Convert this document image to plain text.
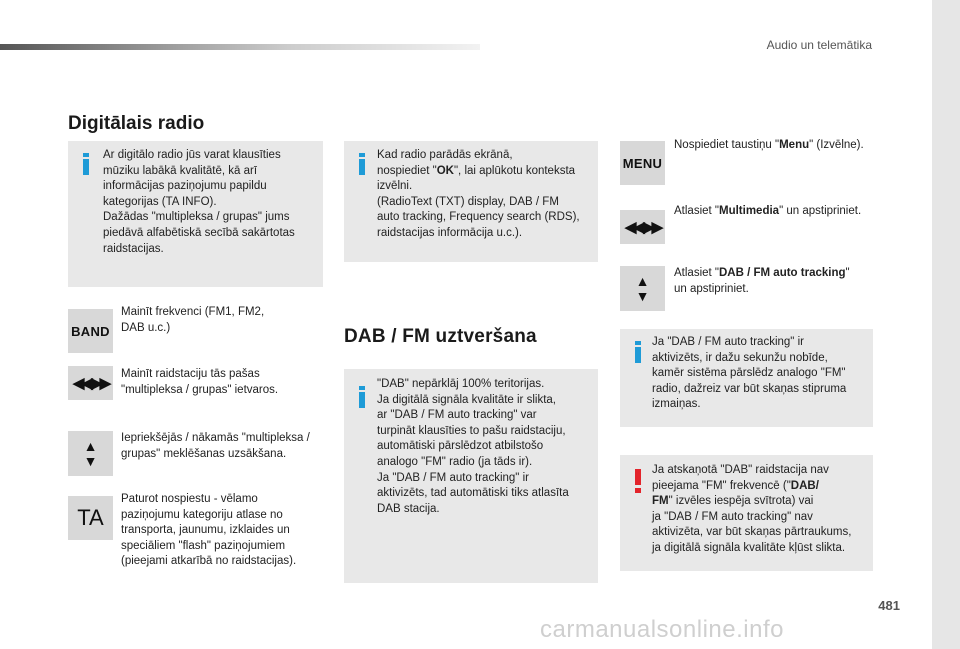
Audio un telemātika
Digitālais radio
Ar digitālo radio jūs varat klausīties
mūziku labākā kvalitātē, kā arī
informācijas paziņojumu papildu
kategorijas (TA INFO).
Dažādas "multipleksa / grupas" jums
piedāvā alfabētiskā secībā sakārtotas
raidstacijas.
BAND
Mainīt frekvenci (FM1, FM2,
DAB u.c.)
◀◀ ▶▶
Mainīt raidstaciju tās pašas
"multipleksa / grupas" ietvaros.
▲
▼
Iepriekšējās / nākamās "multipleksa /
grupas" meklēšanas uzsākšana.
TA
Paturot nospiestu - vēlamo
paziņojumu kategoriju atlase no
transporta, jaunumu, izklaides un
speciāliem "flash" paziņojumiem
(pieejami atkarībā no raidstacijas).
Kad radio parādās ekrānā,
nospiediet "OK", lai aplūkotu konteksta
izvēlni.
(RadioText (TXT) display, DAB / FM
auto tracking, Frequency search (RDS),
raidstacijas informācija u.c.).
DAB / FM uztveršana
"DAB" nepārklāj 100% teritorijas.
Ja digitālā signāla kvalitāte ir slikta,
ar "DAB / FM auto tracking" var
turpināt klausīties to pašu raidstaciju,
automātiski pārslēdzot atbilstošo
analogo "FM" radio (ja tāds ir).
Ja "DAB / FM auto tracking" ir
aktivizēts, tad automātiski tiks atlasīta
DAB stacija.
MENU
Nospiediet taustiņu "Menu" (Izvēlne).
◀◀ ▶▶
Atlasiet "Multimedia" un apstipriniet.
▲
▼
Atlasiet "DAB / FM auto tracking"
un apstipriniet.
Ja "DAB / FM auto tracking" ir
aktivizēts, ir dažu sekunžu nobīde,
kamēr sistēma pārslēdz analogo "FM"
radio, dažreiz var būt skaņas stipruma
izmaiņas.
Ja atskaņotā "DAB" raidstacija nav
pieejama "FM" frekvencē ("DAB/
FM" izvēles iespēja svītrota) vai
ja "DAB / FM auto tracking" nav
aktivizēta, var būt skaņas pārtraukums,
ja digitālā signāla kvalitāte kļūst slikta.
481
carmanualsonline.info
